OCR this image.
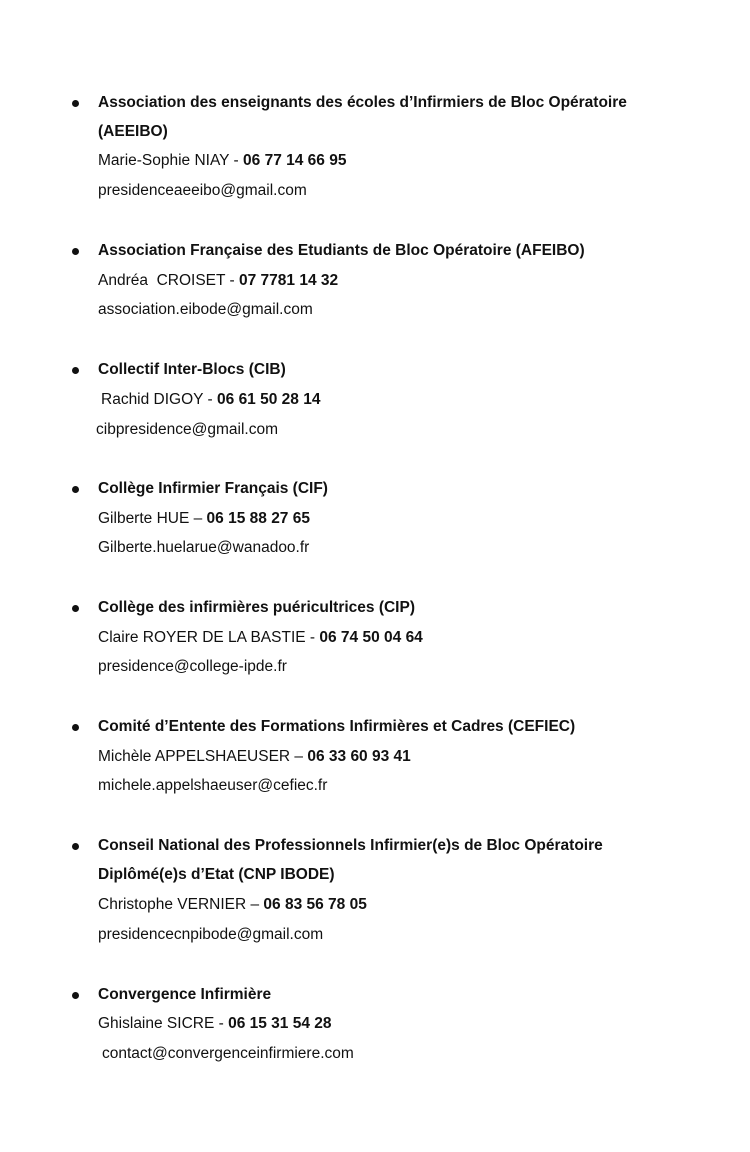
Association des enseignants des écoles d’Infirmiers de Bloc Opératoire
(AEEIBO)
Marie-Sophie NIAY - 06 77 14 66 95
presidenceaeeibo@gmail.com
Association Française des Etudiants de Bloc Opératoire (AFEIBO)
Andréa  CROISET - 07 7781 14 32
association.eibode@gmail.com
Collectif Inter-Blocs (CIB)
Rachid DIGOY - 06 61 50 28 14
cibpresidence@gmail.com
Collège Infirmier Français (CIF)
Gilberte HUE – 06 15 88 27 65
Gilberte.huelarue@wanadoo.fr
Collège des infirmières puéricultrices (CIP)
Claire ROYER DE LA BASTIE - 06 74 50 04 64
presidence@college-ipde.fr
Comité d’Entente des Formations Infirmières et Cadres (CEFIEC)
Michèle APPELSHAEUSER – 06 33 60 93 41
michele.appelshaeuser@cefiec.fr
Conseil National des Professionnels Infirmier(e)s de Bloc Opératoire
Diplômé(e)s d’Etat (CNP IBODE)
Christophe VERNIER – 06 83 56 78 05
presidencecnpibode@gmail.com
Convergence Infirmière
Ghislaine SICRE - 06 15 31 54 28
contact@convergenceinfirmiere.com
